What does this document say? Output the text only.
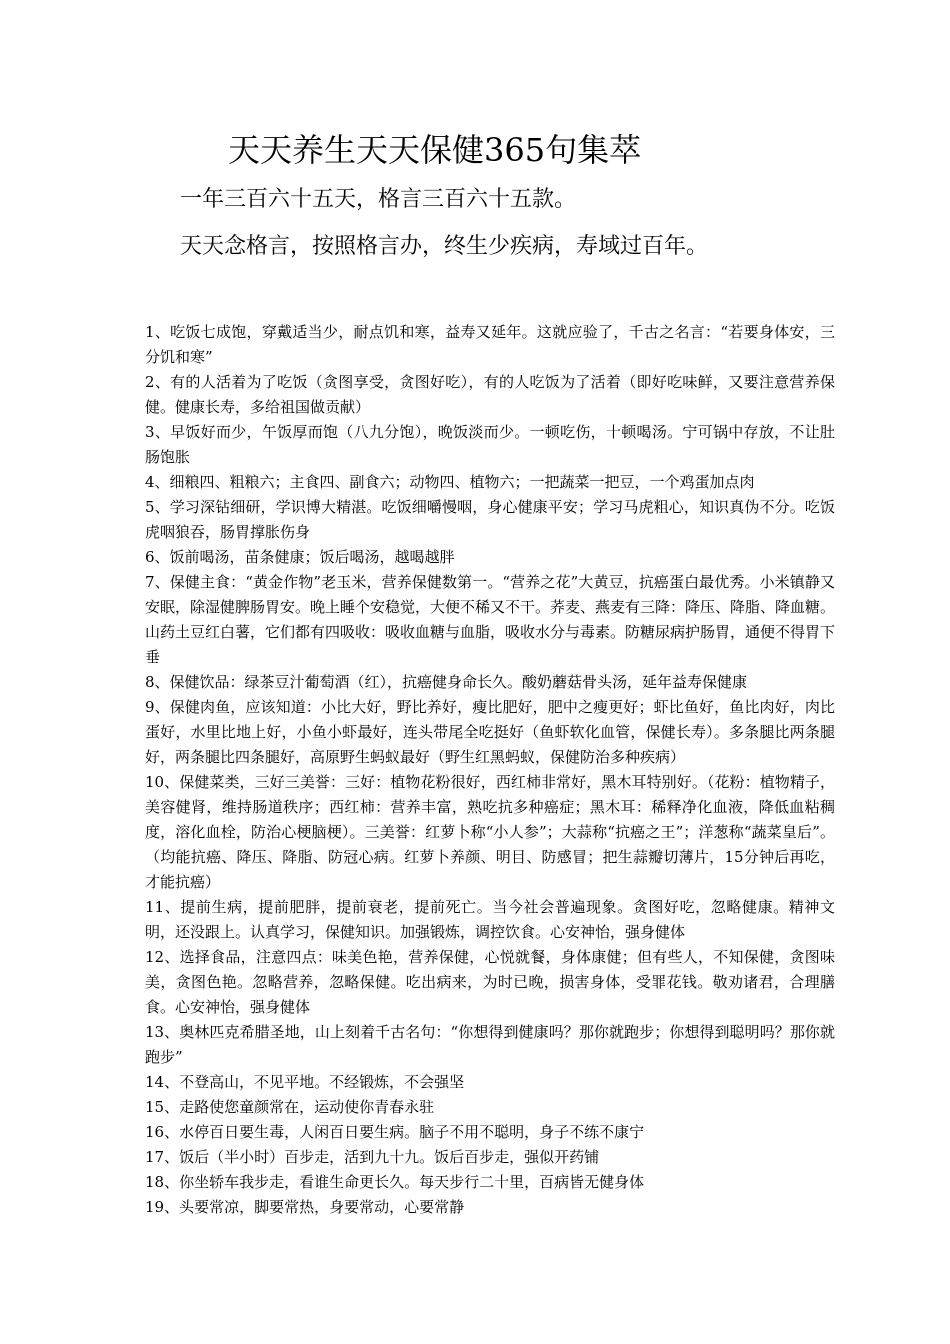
天天养生天天保健365句集萃

一年三百六十五天，格言三百六十五款。

天天念格言，按照格言办，终生少疾病，寿域过百年。

1、吃饭七成饱，穿戴适当少，耐点饥和寒，益寿又延年。这就应验了，千古之名言：“若要身体安，三分饥和寒”
2、有的人活着为了吃饭（贪图享受，贪图好吃），有的人吃饭为了活着（即好吃味鲜，又要注意营养保健。健康长寿，多给祖国做贡献）
3、早饭好而少，午饭厚而饱（八九分饱），晚饭淡而少。一顿吃伤，十顿喝汤。宁可锅中存放，不让肚肠饱胀
4、细粮四、粗粮六；主食四、副食六；动物四、植物六；一把蔬菜一把豆，一个鸡蛋加点肉
5、学习深钻细研，学识博大精湛。吃饭细嚼慢咽，身心健康平安；学习马虎粗心，知识真伪不分。吃饭虎咽狼吞，肠胃撑胀伤身
6、饭前喝汤，苗条健康；饭后喝汤，越喝越胖
7、保健主食：“黄金作物”老玉米，营养保健数第一。“营养之花”大黄豆，抗癌蛋白最优秀。小米镇静又安眠，除湿健脾肠胃安。晚上睡个安稳觉，大便不稀又不干。荞麦、燕麦有三降：降压、降脂、降血糖。山药土豆红白薯，它们都有四吸收：吸收血糖与血脂，吸收水分与毒素。防糖尿病护肠胃，通便不得胃下垂
8、保健饮品：绿茶豆汁葡萄酒（红），抗癌健身命长久。酸奶蘑菇骨头汤，延年益寿保健康
9、保健肉鱼，应该知道：小比大好，野比养好，瘦比肥好，肥中之瘦更好；虾比鱼好，鱼比肉好，肉比蛋好，水里比地上好，小鱼小虾最好，连头带尾全吃挺好（鱼虾软化血管，保健长寿）。多条腿比两条腿好，两条腿比四条腿好，高原野生蚂蚁最好（野生红黑蚂蚁，保健防治多种疾病）
10、保健菜类，三好三美誉：三好：植物花粉很好，西红柿非常好，黑木耳特别好。（花粉：植物精子，美容健肾，维持肠道秩序；西红柿：营养丰富，熟吃抗多种癌症；黑木耳：稀释净化血液，降低血粘稠度，溶化血栓，防治心梗脑梗）。三美誉：红萝卜称“小人参”；大蒜称“抗癌之王”；洋葱称“蔬菜皇后”。（均能抗癌、降压、降脂、防冠心病。红萝卜养颜、明目、防感冒；把生蒜瓣切薄片，15分钟后再吃，才能抗癌）
11、提前生病，提前肥胖，提前衰老，提前死亡。当今社会普遍现象。贪图好吃，忽略健康。精神文明，还没跟上。认真学习，保健知识。加强锻炼，调控饮食。心安神怡，强身健体
12、选择食品，注意四点：味美色艳，营养保健，心悦就餐，身体康健；但有些人，不知保健，贪图味美，贪图色艳。忽略营养，忽略保健。吃出病来，为时已晚，损害身体，受罪花钱。敬劝诸君，合理膳食。心安神怡，强身健体
13、奥林匹克希腊圣地，山上刻着千古名句：“你想得到健康吗？那你就跑步；你想得到聪明吗？那你就跑步”
14、不登高山，不见平地。不经锻炼，不会强坚
15、走路使您童颜常在，运动使你青春永驻
16、水停百日要生毒，人闲百日要生病。脑子不用不聪明，身子不练不康宁
17、饭后（半小时）百步走，活到九十九。饭后百步走，强似开药铺
18、你坐轿车我步走，看谁生命更长久。每天步行二十里，百病皆无健身体
19、头要常凉，脚要常热，身要常动，心要常静
